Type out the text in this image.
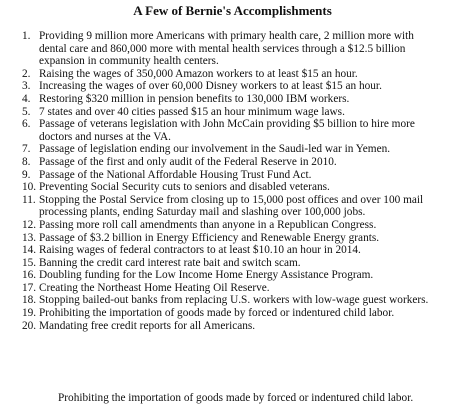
A Few of Bernie's Accomplishments
1. Providing 9 million more Americans with primary health care, 2 million more with dental care and 860,000 more with mental health services through a $12.5 billion expansion in community health centers.
2. Raising the wages of 350,000 Amazon workers to at least $15 an hour.
3. Increasing the wages of over 60,000 Disney workers to at least $15 an hour.
4. Restoring $320 million in pension benefits to 130,000 IBM workers.
5. 7 states and over 40 cities passed $15 an hour minimum wage laws.
6. Passage of veterans legislation with John McCain providing $5 billion to hire more doctors and nurses at the VA.
7. Passage of legislation ending our involvement in the Saudi-led war in Yemen.
8. Passage of the first and only audit of the Federal Reserve in 2010.
9. Passage of the National Affordable Housing Trust Fund Act.
10. Preventing Social Security cuts to seniors and disabled veterans.
11. Stopping the Postal Service from closing up to 15,000 post offices and over 100 mail processing plants, ending Saturday mail and slashing over 100,000 jobs.
12. Passing more roll call amendments than anyone in a Republican Congress.
13. Passage of $3.2 billion in Energy Efficiency and Renewable Energy grants.
14. Raising wages of federal contractors to at least $10.10 an hour in 2014.
15. Banning the credit card interest rate bait and switch scam.
16. Doubling funding for the Low Income Home Energy Assistance Program.
17. Creating the Northeast Home Heating Oil Reserve.
18. Stopping bailed-out banks from replacing U.S. workers with low-wage guest workers.
19. Prohibiting the importation of goods made by forced or indentured child labor.
20. Mandating free credit reports for all Americans.
Prohibiting the importation of goods made by forced or indentured child labor.
